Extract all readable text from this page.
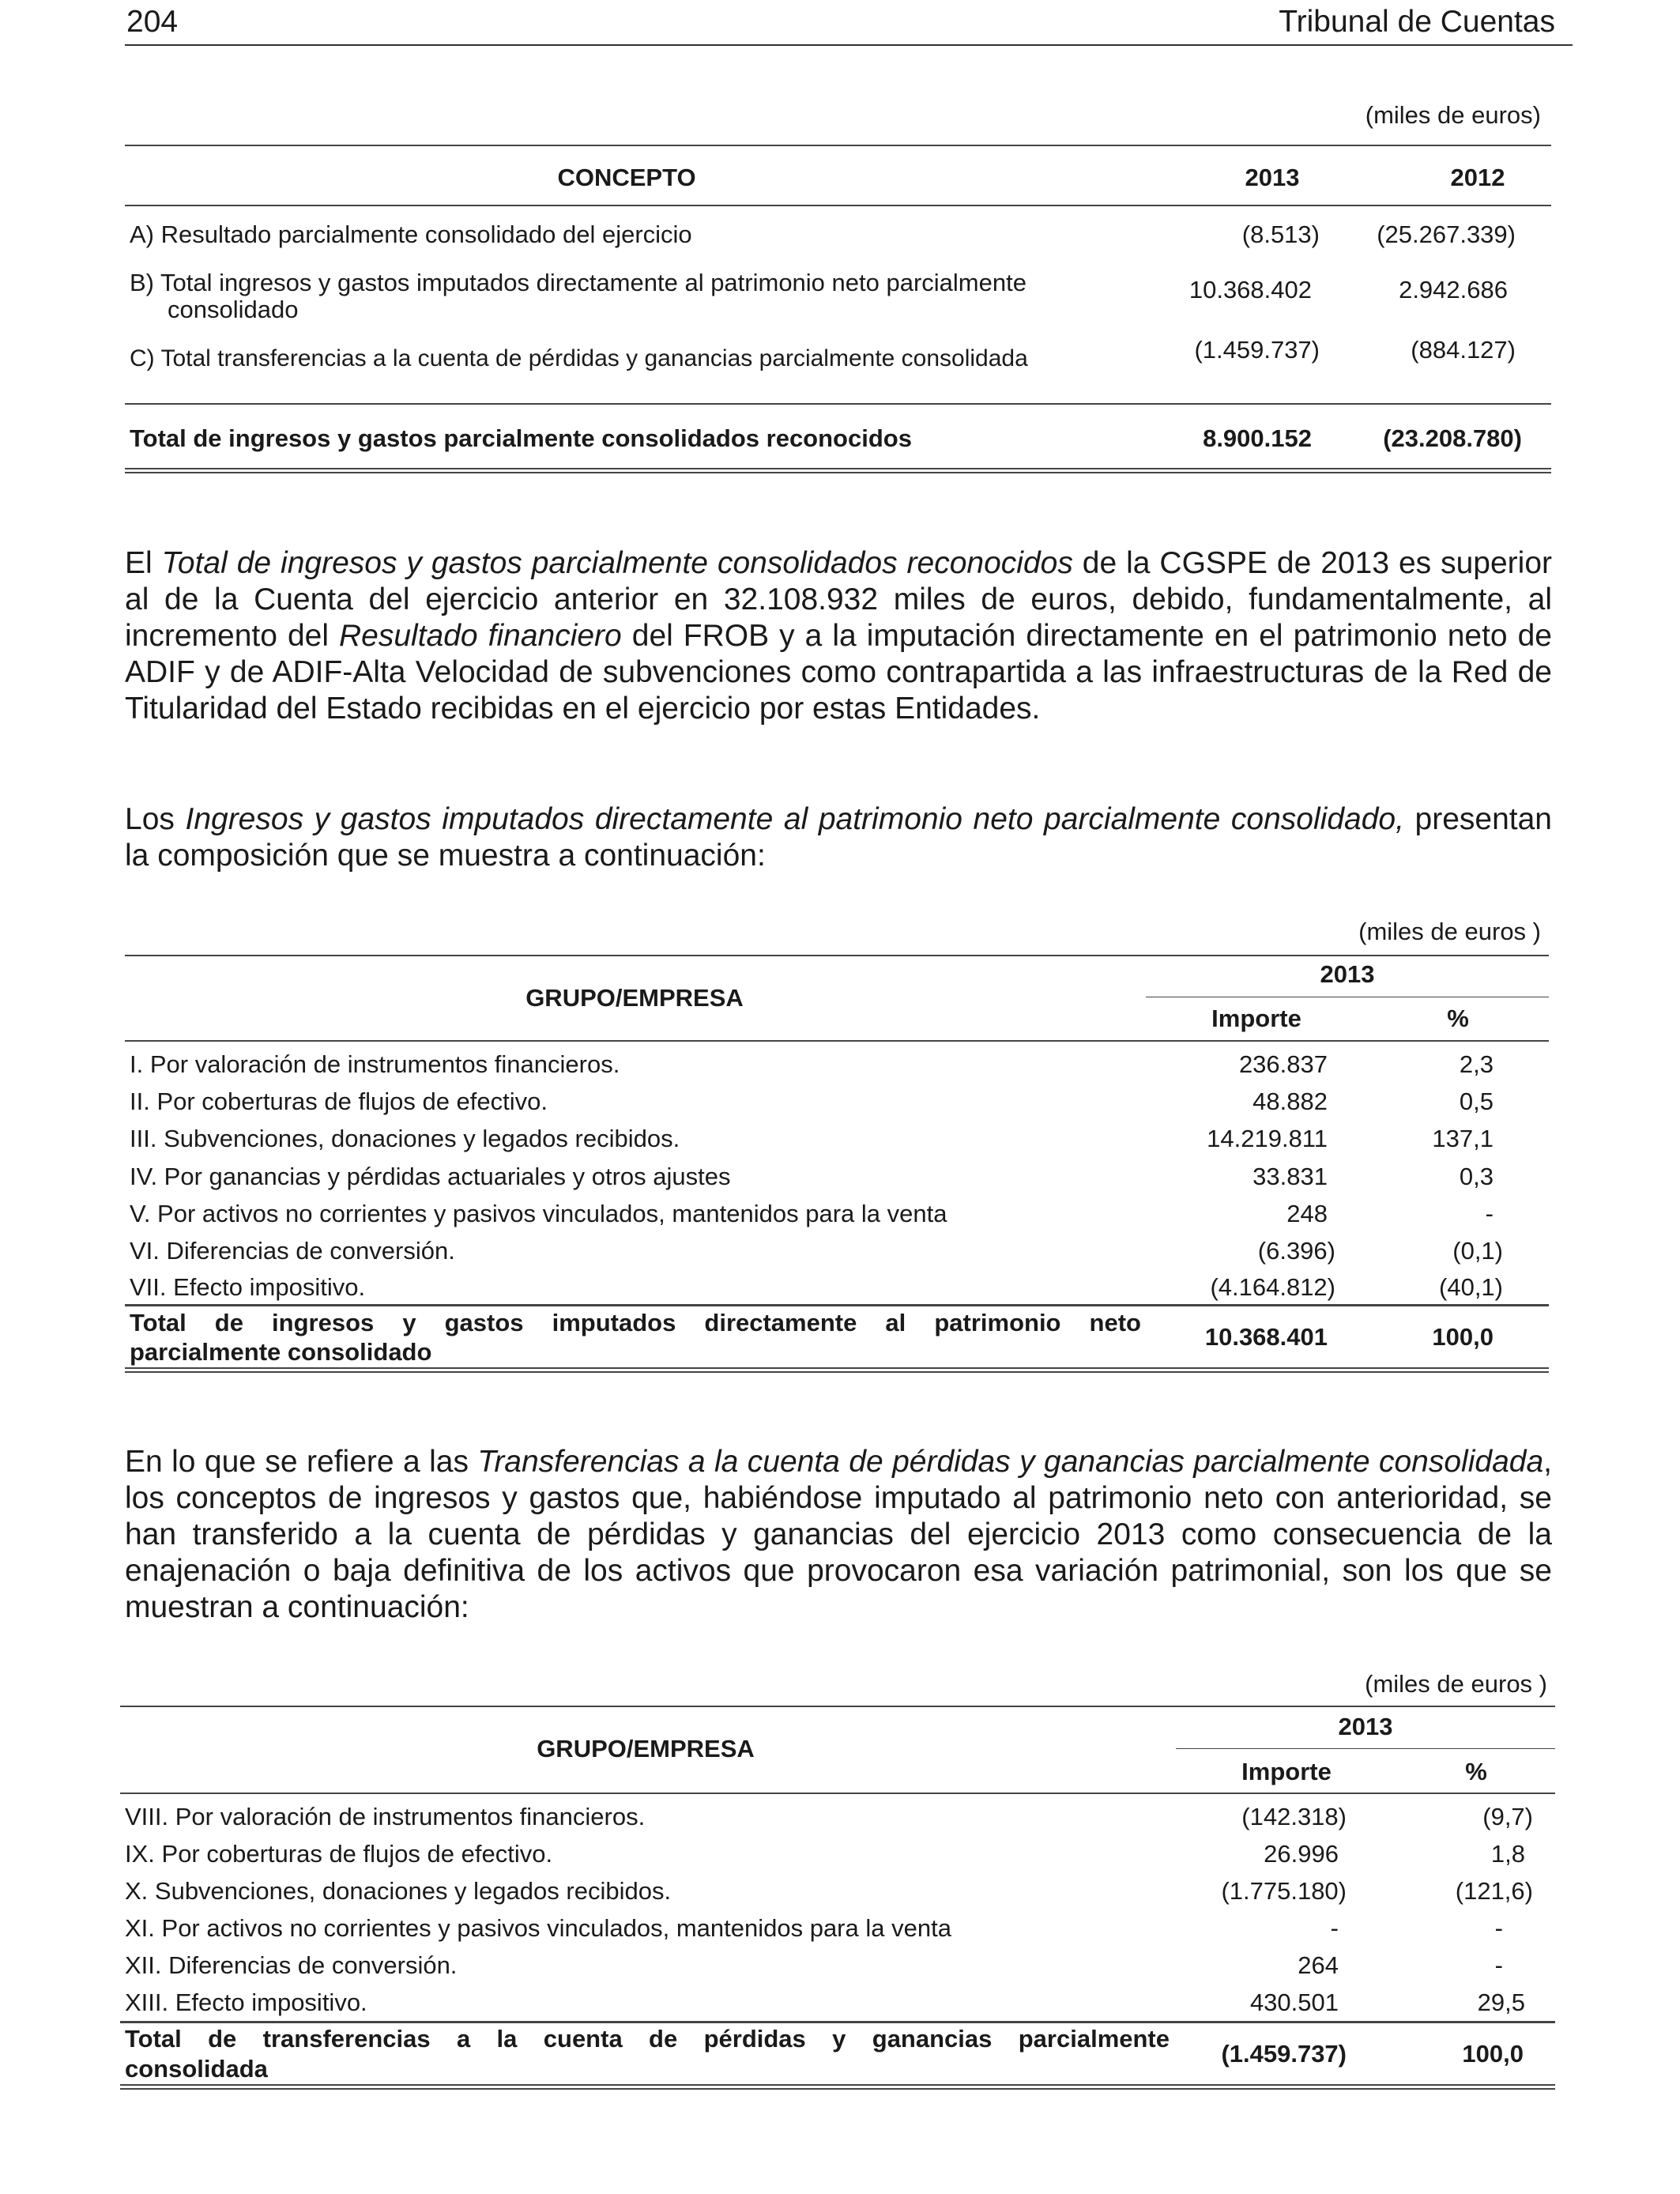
204	Tribunal de Cuentas
(miles de euros)
CONCEPTO	2013	2012
A) Resultado parcialmente consolidado del ejercicio	(8.513)	(25.267.339)
B) Total ingresos y gastos imputados directamente al patrimonio neto parcialmente
consolidado
10.368.402	2.942.686
C) Total transferencias a la cuenta de pérdidas y ganancias parcialmente consolidada	(1.459.737)	(884.127)
Total de ingresos y gastos parcialmente consolidados reconocidos	8.900.152	(23.208.780)
El Total de ingresos y gastos parcialmente consolidados reconocidos de la CGSPE de 2013 es superior al de la Cuenta del ejercicio anterior en 32.108.932 miles de euros, debido, fundamentalmente, al incremento del Resultado financiero del FROB y a la imputación directamente en el patrimonio neto de ADIF y de ADIF-Alta Velocidad de subvenciones como contrapartida a las infraestructuras de la Red de Titularidad del Estado recibidas en el ejercicio por estas Entidades.
Los Ingresos y gastos imputados directamente al patrimonio neto parcialmente consolidado, presentan la composición que se muestra a continuación:
(miles de euros )
GRUPO/EMPRESA
2013
Importe	%
I. Por valoración de instrumentos financieros.	236.837	2,3
II. Por coberturas de flujos de efectivo.	48.882	0,5
III. Subvenciones, donaciones y legados recibidos.	14.219.811	137,1
IV. Por ganancias y pérdidas actuariales y otros ajustes	33.831	0,3
V. Por activos no corrientes y pasivos vinculados, mantenidos para la venta	248	-
VI. Diferencias de conversión.	(6.396)	(0,1)
VII. Efecto impositivo.	(4.164.812)	(40,1)
Total de ingresos y gastos imputados directamente al patrimonio neto
parcialmente consolidado
10.368.401	100,0
En lo que se refiere a las Transferencias a la cuenta de pérdidas y ganancias parcialmente consolidada, los conceptos de ingresos y gastos que, habiéndose imputado al patrimonio neto con anterioridad, se han transferido a la cuenta de pérdidas y ganancias del ejercicio 2013 como consecuencia de la enajenación o baja definitiva de los activos que provocaron esa variación patrimonial, son los que se muestran a continuación:
(miles de euros )
GRUPO/EMPRESA
2013
Importe	%
VIII. Por valoración de instrumentos financieros.	(142.318)	(9,7)
IX. Por coberturas de flujos de efectivo.	26.996	1,8
X. Subvenciones, donaciones y legados recibidos.	(1.775.180)	(121,6)
XI. Por activos no corrientes y pasivos vinculados, mantenidos para la venta	-	-
XII. Diferencias de conversión.	264	-
XIII. Efecto impositivo.	430.501	29,5
Total de transferencias a la cuenta de pérdidas y ganancias parcialmente
consolidada
(1.459.737)	100,0
